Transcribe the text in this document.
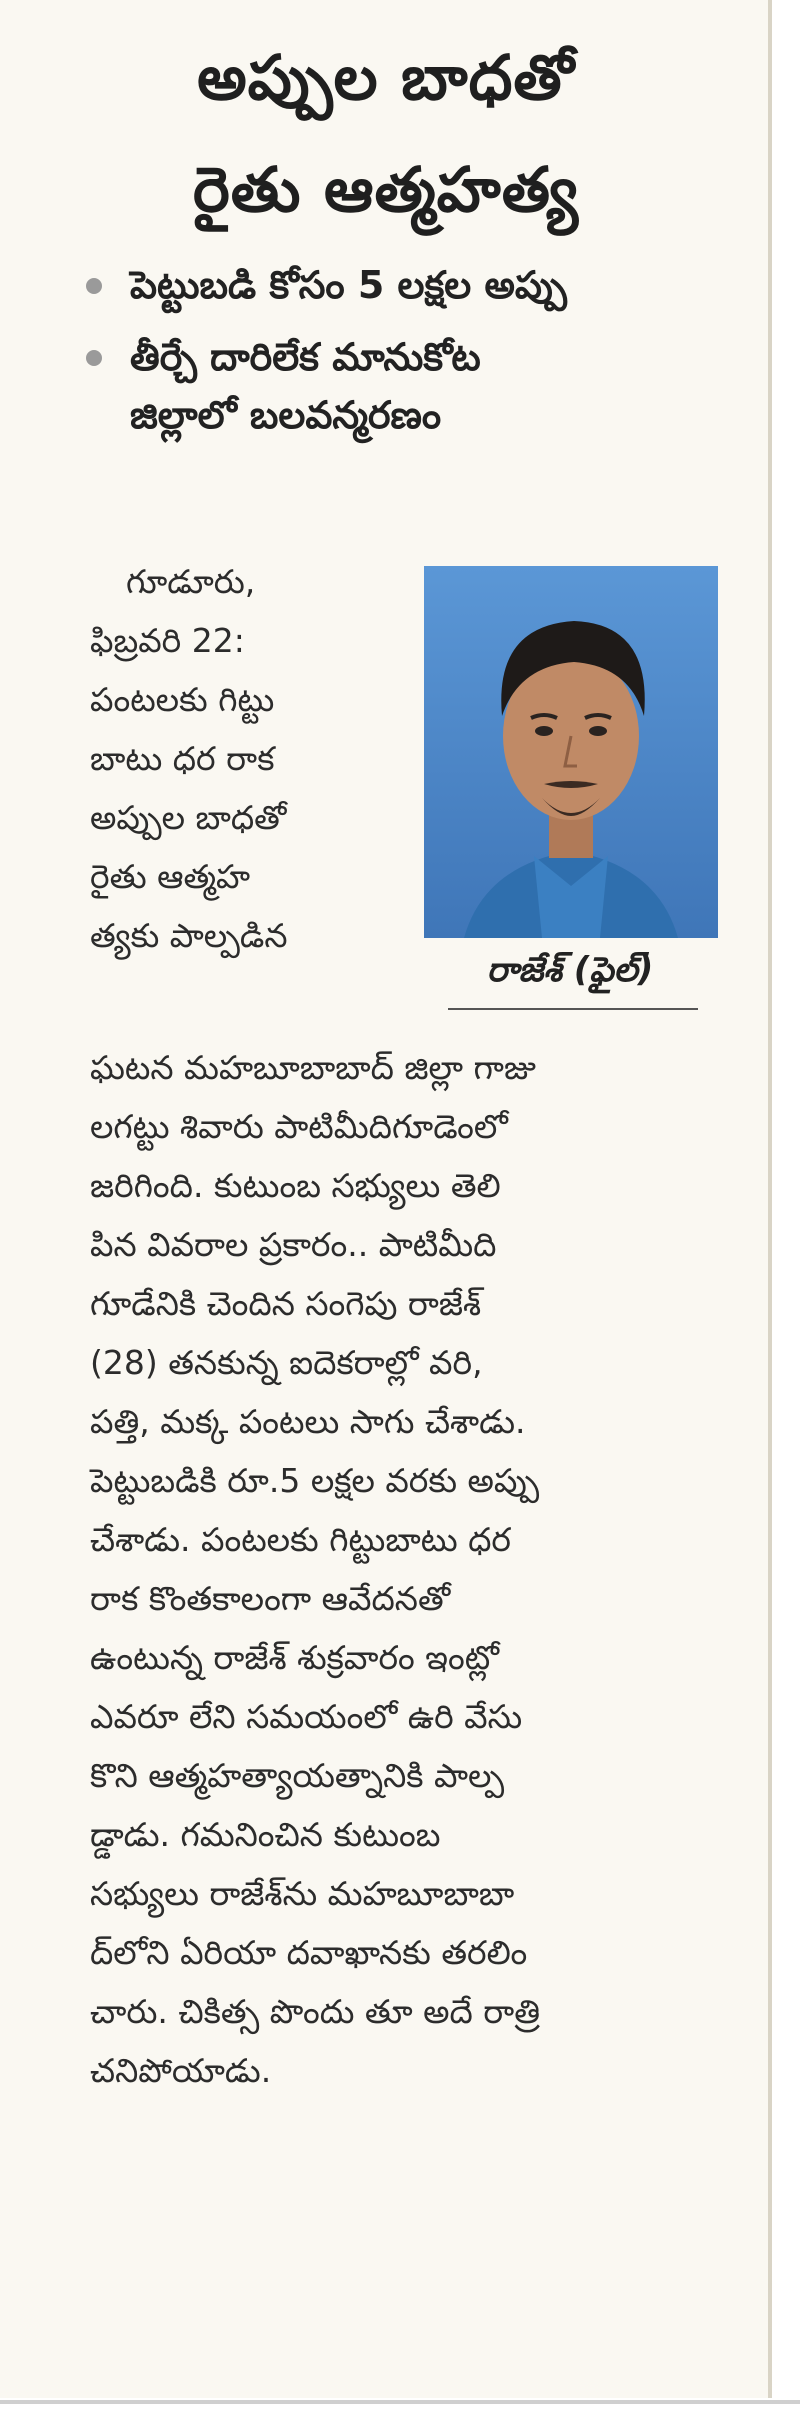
అప్పుల బాధతో
రైతు ఆత్మహత్య
పెట్టుబడి కోసం 5 లక్షల అప్పు
తీర్చే దారిలేక మానుకోట
జిల్లాలో బలవన్మరణం
గూడూరు,
ఫిబ్రవరి 22:
పంటలకు గిట్టు
బాటు ధర రాక
అప్పుల బాధతో
రైతు ఆత్మహ
త్యకు పాల్పడిన
రాజేశ్‌ (ఫైల్‌)
ఘటన మహబూబాబాద్‌ జిల్లా గాజు
లగట్టు శివారు పాటిమీదిగూడెంలో
జరిగింది. కుటుంబ సభ్యులు తెలి
పిన వివరాల ప్రకారం.. పాటిమీది
గూడేనికి చెందిన సంగెపు రాజేశ్‌
(28) తనకున్న ఐదెకరాల్లో వరి,
పత్తి, మక్క పంటలు సాగు చేశాడు.
పెట్టుబడికి రూ.5 లక్షల వరకు అప్పు
చేశాడు. పంటలకు గిట్టుబాటు ధర
రాక కొంతకాలంగా ఆవేదనతో
ఉంటున్న రాజేశ్‌ శుక్రవారం ఇంట్లో
ఎవరూ లేని సమయంలో ఉరి వేసు
కొని ఆత్మహత్యాయత్నానికి పాల్ప
డ్డాడు. గమనించిన కుటుంబ
సభ్యులు రాజేశ్‌ను మహబూబాబా
ద్‌లోని ఏరియా దవాఖానకు తరలిం
చారు. చికిత్స పొందు తూ అదే రాత్రి
చనిపోయాడు.
